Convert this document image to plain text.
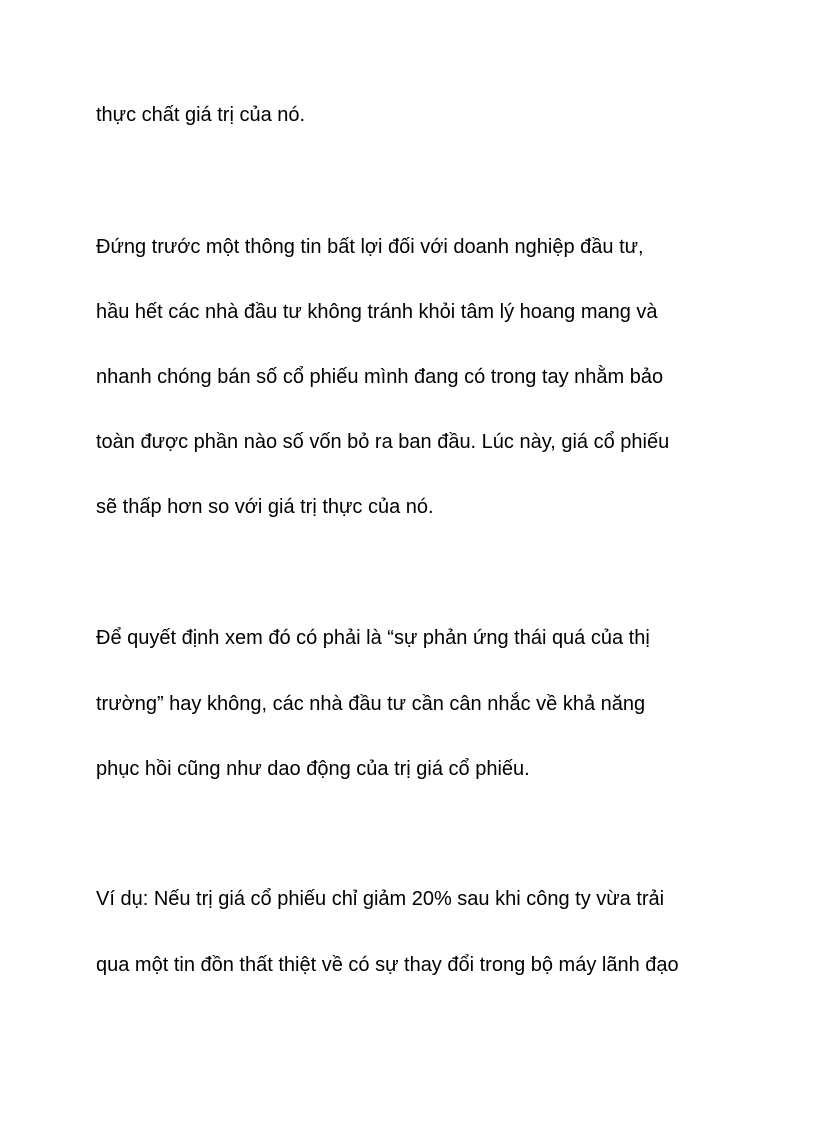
thực chất giá trị của nó.
Đứng trước một thông tin bất lợi đối với doanh nghiệp đầu tư,
hầu hết các nhà đầu tư không tránh khỏi tâm lý hoang mang và
nhanh chóng bán số cổ phiếu mình đang có trong tay nhằm bảo
toàn được phần nào số vốn bỏ ra ban đầu. Lúc này, giá cổ phiếu
sẽ thấp hơn so với giá trị thực của nó.
Để quyết định xem đó có phải là “sự phản ứng thái quá của thị
trường” hay không, các nhà đầu tư cần cân nhắc về khả năng
phục hồi cũng như dao động của trị giá cổ phiếu.
Ví dụ: Nếu trị giá cổ phiếu chỉ giảm 20% sau khi công ty vừa trải
qua một tin đồn thất thiệt về có sự thay đổi trong bộ máy lãnh đạo
